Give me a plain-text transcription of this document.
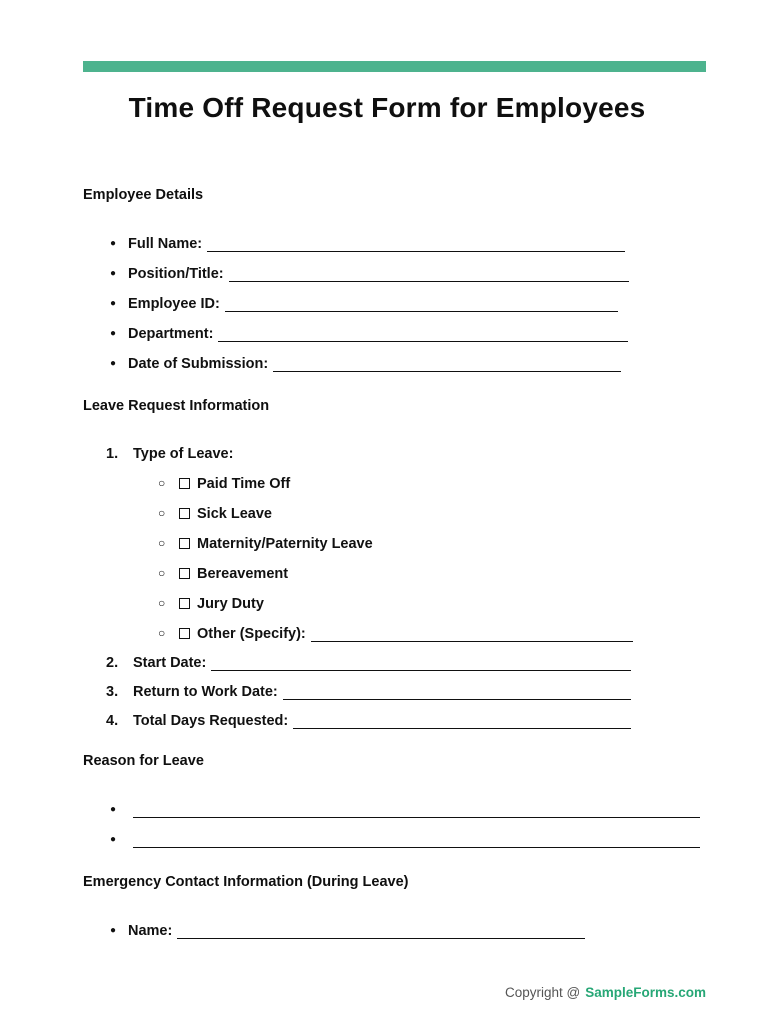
Time Off Request Form for Employees
Employee Details
● Full Name:
● Position/Title:
● Employee ID:
● Department:
● Date of Submission:
Leave Request Information
1. Type of Leave:
○ Paid Time Off
○ Sick Leave
○ Maternity/Paternity Leave
○ Bereavement
○ Jury Duty
○ Other (Specify):
2. Start Date:
3. Return to Work Date:
4. Total Days Requested:
Reason for Leave
●
●
Emergency Contact Information (During Leave)
● Name:
Copyright @ SampleForms.com
